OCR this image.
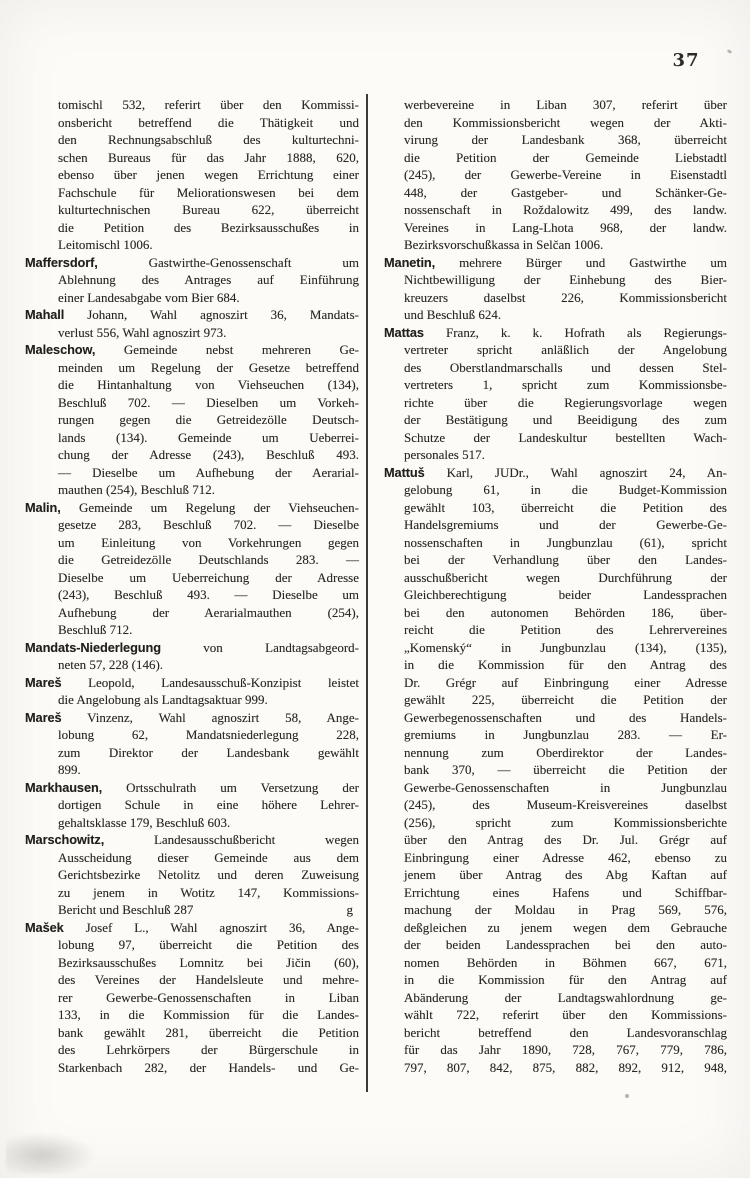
37
tomischl 532, referirt über den Kommissi-
onsbericht betreffend die Thätigkeit und
den Rechnungsabschluß des kulturtechni-
schen Bureaus für das Jahr 1888, 620,
ebenso über jenen wegen Errichtung einer
Fachschule für Meliorationswesen bei dem
kulturtechnischen Bureau 622, überreicht
die Petition des Bezirksausschußes in
Leitomischl 1006.
Maffersdorf, Gastwirthe-Genossenschaft um
Ablehnung des Antrages auf Einführung
einer Landesabgabe vom Bier 684.
Mahall Johann, Wahl agnoszirt 36, Mandats-
verlust 556, Wahl agnoszirt 973.
Maleschow, Gemeinde nebst mehreren Ge-
meinden um Regelung der Gesetze betreffend
die Hintanhaltung von Viehseuchen (134),
Beschluß 702. — Dieselben um Vorkeh-
rungen gegen die Getreidezölle Deutsch-
lands (134). Gemeinde um Ueberrei-
chung der Adresse (243), Beschluß 493.
— Dieselbe um Aufhebung der Aerarial-
mauthen (254), Beschluß 712.
Malin, Gemeinde um Regelung der Viehseuchen-
gesetze 283, Beschluß 702. — Dieselbe
um Einleitung von Vorkehrungen gegen
die Getreidezölle Deutschlands 283. —
Dieselbe um Ueberreichung der Adresse
(243), Beschluß 493. — Dieselbe um
Aufhebung der Aerarialmauthen (254),
Beschluß 712.
Mandats-Niederlegung von Landtagsabgeord-
neten 57, 228 (146).
Mareš Leopold, Landesausschuß-Konzipist leistet
die Angelobung als Landtagsaktuar 999.
Mareš Vinzenz, Wahl agnoszirt 58, Ange-
lobung 62, Mandatsniederlegung 228,
zum Direktor der Landesbank gewählt
899.
Markhausen, Ortsschulrath um Versetzung der
dortigen Schule in eine höhere Lehrer-
gehaltsklasse 179, Beschluß 603.
Marschowitz, Landesausschußbericht wegen
Ausscheidung dieser Gemeinde aus dem
Gerichtsbezirke Netolitz und deren Zuweisung
zu jenem in Wotitz 147, Kommissions-
g
Bericht und Beschluß 287
Mašek Josef L., Wahl agnoszirt 36, Ange-
lobung 97, überreicht die Petition des
Bezirksausschußes Lomnitz bei Jičin (60),
des Vereines der Handelsleute und mehre-
rer Gewerbe-Genossenschaften in Liban
133, in die Kommission für die Landes-
bank gewählt 281, überreicht die Petition
des Lehrkörpers der Bürgerschule in
Starkenbach 282, der Handels- und Ge-
werbevereine in Liban 307, referirt über
den Kommissionsbericht wegen der Akti-
virung der Landesbank 368, überreicht
die Petition der Gemeinde Liebstadtl
(245), der Gewerbe-Vereine in Eisenstadtl
448, der Gastgeber- und Schänker-Ge-
nossenschaft in Roždalowitz 499, des landw.
Vereines in Lang-Lhota 968, der landw.
Bezirksvorschußkassa in Selčan 1006.
Manetin, mehrere Bürger und Gastwirthe um
Nichtbewilligung der Einhebung des Bier-
kreuzers daselbst 226, Kommissionsbericht
und Beschluß 624.
Mattas Franz, k. k. Hofrath als Regierungs-
vertreter spricht anläßlich der Angelobung
des Oberstlandmarschalls und dessen Stel-
vertreters 1, spricht zum Kommissionsbe-
richte über die Regierungsvorlage wegen
der Bestätigung und Beeidigung des zum
Schutze der Landeskultur bestellten Wach-
personales 517.
Mattuš Karl, JUDr., Wahl agnoszirt 24, An-
gelobung 61, in die Budget-Kommission
gewählt 103, überreicht die Petition des
Handelsgremiums und der Gewerbe-Ge-
nossenschaften in Jungbunzlau (61), spricht
bei der Verhandlung über den Landes-
ausschußbericht wegen Durchführung der
Gleichberechtigung beider Landessprachen
bei den autonomen Behörden 186, über-
reicht die Petition des Lehrervereines
„Komenský“ in Jungbunzlau (134), (135),
in die Kommission für den Antrag des
Dr. Grégr auf Einbringung einer Adresse
gewählt 225, überreicht die Petition der
Gewerbegenossenschaften und des Handels-
gremiums in Jungbunzlau 283. — Er-
nennung zum Oberdirektor der Landes-
bank 370, — überreicht die Petition der
Gewerbe-Genossenschaften in Jungbunzlau
(245), des Museum-Kreisvereines daselbst
(256), spricht zum Kommissionsberichte
über den Antrag des Dr. Jul. Grégr auf
Einbringung einer Adresse 462, ebenso zu
jenem über Antrag des Abg Kaftan auf
Errichtung eines Hafens und Schiffbar-
machung der Moldau in Prag 569, 576,
deßgleichen zu jenem wegen dem Gebrauche
der beiden Landessprachen bei den auto-
nomen Behörden in Böhmen 667, 671,
in die Kommission für den Antrag auf
Abänderung der Landtagswahlordnung ge-
wählt 722, referirt über den Kommissions-
bericht betreffend den Landesvoranschlag
für das Jahr 1890, 728, 767, 779, 786,
797, 807, 842, 875, 882, 892, 912, 948,
